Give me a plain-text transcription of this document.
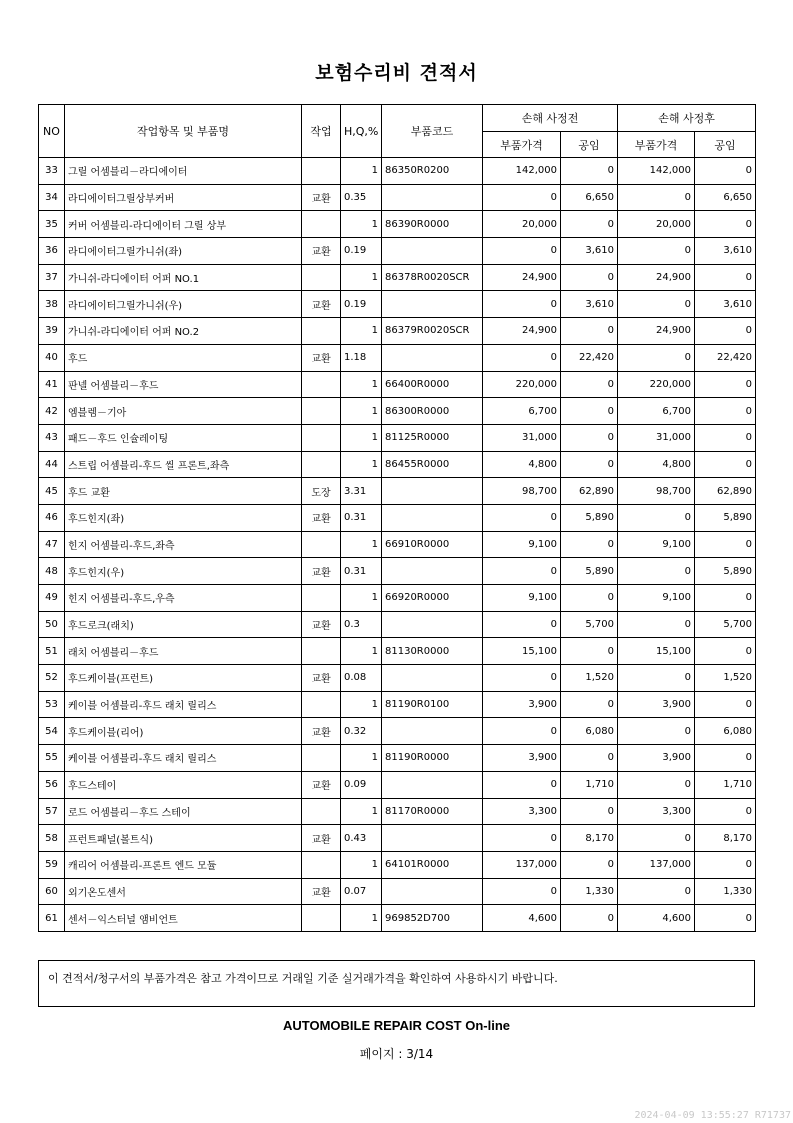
보험수리비 견적서
NO	작업항목 및 부품명	작업	H,Q,%	부품코드	손해 사정전		손해 사정후	
					부품가격	공임	부품가격	공임
33	그릴 어셈블리－라디에이터		1	86350R0200	142,000	0	142,000	0
34	라디에이터그릴상부커버	교환	0.35		0	6,650	0	6,650
35	커버 어셈블리-라디에이터 그릴 상부		1	86390R0000	20,000	0	20,000	0
36	라디에이터그릴가니쉬(좌)	교환	0.19		0	3,610	0	3,610
37	가니쉬-라디에이터 어퍼 NO.1		1	86378R0020SCR	24,900	0	24,900	0
38	라디에이터그릴가니쉬(우)	교환	0.19		0	3,610	0	3,610
39	가니쉬-라디에이터 어퍼 NO.2		1	86379R0020SCR	24,900	0	24,900	0
40	후드	교환	1.18		0	22,420	0	22,420
41	판넬 어셈블리－후드		1	66400R0000	220,000	0	220,000	0
42	엠블렘－기아		1	86300R0000	6,700	0	6,700	0
43	패드－후드 인슐레이팅		1	81125R0000	31,000	0	31,000	0
44	스트립 어셈블리-후드 씰 프론트,좌측		1	86455R0000	4,800	0	4,800	0
45	후드 교환	도장	3.31		98,700	62,890	98,700	62,890
46	후드힌지(좌)	교환	0.31		0	5,890	0	5,890
47	힌지 어셈블리-후드,좌측		1	66910R0000	9,100	0	9,100	0
48	후드힌지(우)	교환	0.31		0	5,890	0	5,890
49	힌지 어셈블리-후드,우측		1	66920R0000	9,100	0	9,100	0
50	후드로크(래치)	교환	0.3		0	5,700	0	5,700
51	래치 어셈블리－후드		1	81130R0000	15,100	0	15,100	0
52	후드케이블(프런트)	교환	0.08		0	1,520	0	1,520
53	케이블 어셈블리-후드 래치 릴리스		1	81190R0100	3,900	0	3,900	0
54	후드케이블(리어)	교환	0.32		0	6,080	0	6,080
55	케이블 어셈블리-후드 래치 릴리스		1	81190R0000	3,900	0	3,900	0
56	후드스테이	교환	0.09		0	1,710	0	1,710
57	로드 어셈블리－후드 스테이		1	81170R0000	3,300	0	3,300	0
58	프런트패널(볼트식)	교환	0.43		0	8,170	0	8,170
59	캐리어 어셈블리-프론트 엔드 모듈		1	64101R0000	137,000	0	137,000	0
60	외기온도센서	교환	0.07		0	1,330	0	1,330
61	센서－익스터널 앰비언트		1	969852D700	4,600	0	4,600	0
이 견적서/청구서의 부품가격은 참고 가격이므로 거래일 기준 실거래가격을 확인하여 사용하시기 바랍니다.
AUTOMOBILE REPAIR COST On-line
페이지 : 3/14
2024-04-09 13:55:27 R71737
